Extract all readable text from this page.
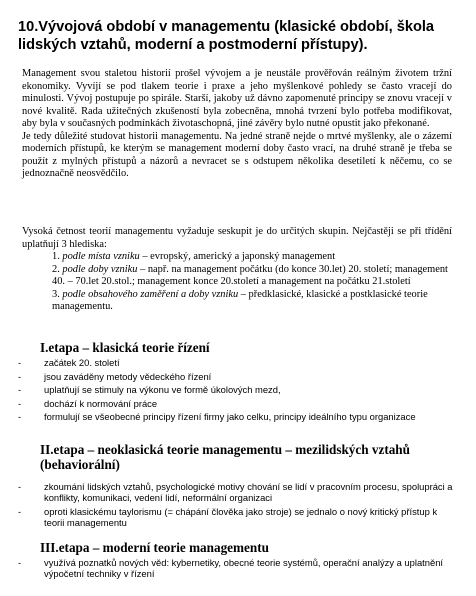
10.Vývojová období v managementu (klasické období, škola lidských vztahů, moderní a postmoderní přístupy).

Management svou staletou historií prošel vývojem a je neustále prověřován reálným životem tržní ekonomiky. Vyvíjí se pod tlakem teorie i praxe a jeho myšlenkové pohledy se často vracejí do minulosti. Vývoj postupuje po spirále. Starší, jakoby už dávno zapomenuté principy se znovu vracejí v nové kvalitě. Rada užitečných zkušeností byla zobecněna, mnohá tvrzení bylo potřeba modifikovat, aby byla v současných podmínkách životaschopná, jiné závěry bylo nutné opustit jako překonané.
Je tedy důležité studovat historii managementu. Na jedné straně nejde o mrtvé myšlenky, ale o zázemí moderních přístupů, ke kterým se management moderní doby často vrací, na druhé straně je třeba se použít z mylných přístupů a názorů a nevracet se s odstupem několika desetiletí k něčemu, co se jednoznačně neosvědčilo.

Vysoká četnost teorií managementu vyžaduje seskupit je do určitých skupin. Nejčastěji se při třídění uplatňují 3 hlediska:

1. podle místa vzniku – evropský, americký a japonský management
2. podle doby vzniku – např. na management počátku (do konce 30.let) 20. století; management 40. – 70.let 20.stol.; management konce 20.století a management na počátku 21.století
3. podle obsahového zaměření a doby vzniku – předklasické, klasické a postklasické teorie managementu.
I.etapa – klasická teorie řízení
- začátek 20. století
- jsou zaváděny metody vědeckého řízení
- uplatňují se stimuly na výkonu ve formě úkolových mezd,
- dochází k normování práce
- formulují se všeobecné principy řízení firmy jako celku, principy ideálního typu organizace
II.etapa – neoklasická teorie managementu – mezilidských vztahů (behaviorální)
- zkoumání lidských vztahů, psychologické motivy chování se lidí v pracovním procesu, spolupráci a konflikty, komunikaci, vedení lidí, neformální organizaci
- oproti klasickému taylorismu (= chápání člověka jako stroje) se jednalo o nový kritický přístup k teorii managementu
III.etapa – moderní teorie managementu
- využívá poznatků nových věd: kybernetiky, obecné teorie systémů, operační analýzy a uplatnění výpočetní techniky v řízení
